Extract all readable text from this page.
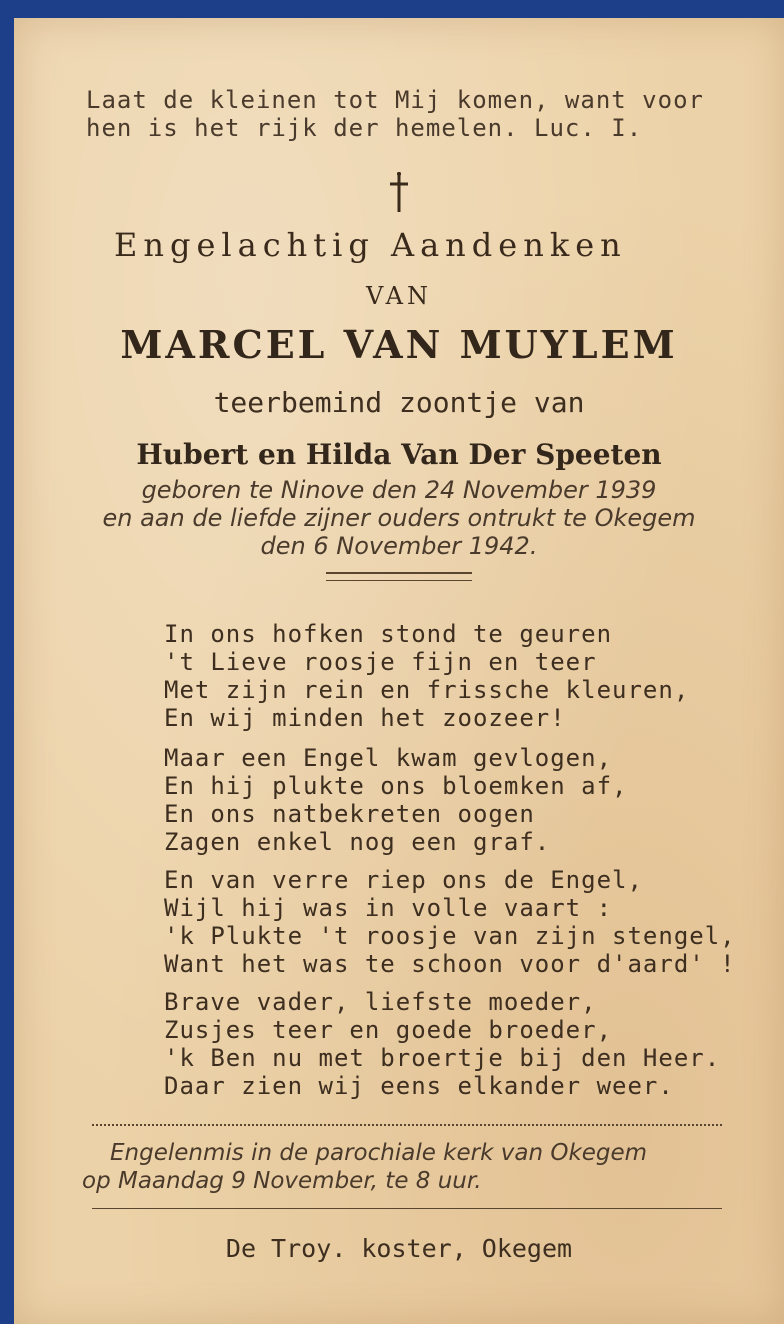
Laat de kleinen tot Mij komen, want voor
hen is het rijk der hemelen. Luc. I.
Engelachtig Aandenken
VAN
MARCEL VAN MUYLEM
teerbemind zoontje van
Hubert en Hilda Van Der Speeten
geboren te Ninove den 24 November 1939
en aan de liefde zijner ouders ontrukt te Okegem
den 6 November 1942.
In ons hofken stond te geuren
't Lieve roosje fijn en teer
Met zijn rein en frissche kleuren,
En wij minden het zoozeer!
Maar een Engel kwam gevlogen,
En hij plukte ons bloemken af,
En ons natbekreten oogen
Zagen enkel nog een graf.
En van verre riep ons de Engel,
Wijl hij was in volle vaart :
'k Plukte 't roosje van zijn stengel,
Want het was te schoon voor d'aard' !
Brave vader, liefste moeder,
Zusjes teer en goede broeder,
'k Ben nu met broertje bij den Heer.
Daar zien wij eens elkander weer.
Engelenmis in de parochiale kerk van Okegem
op Maandag 9 November, te 8 uur.
De Troy. koster, Okegem
